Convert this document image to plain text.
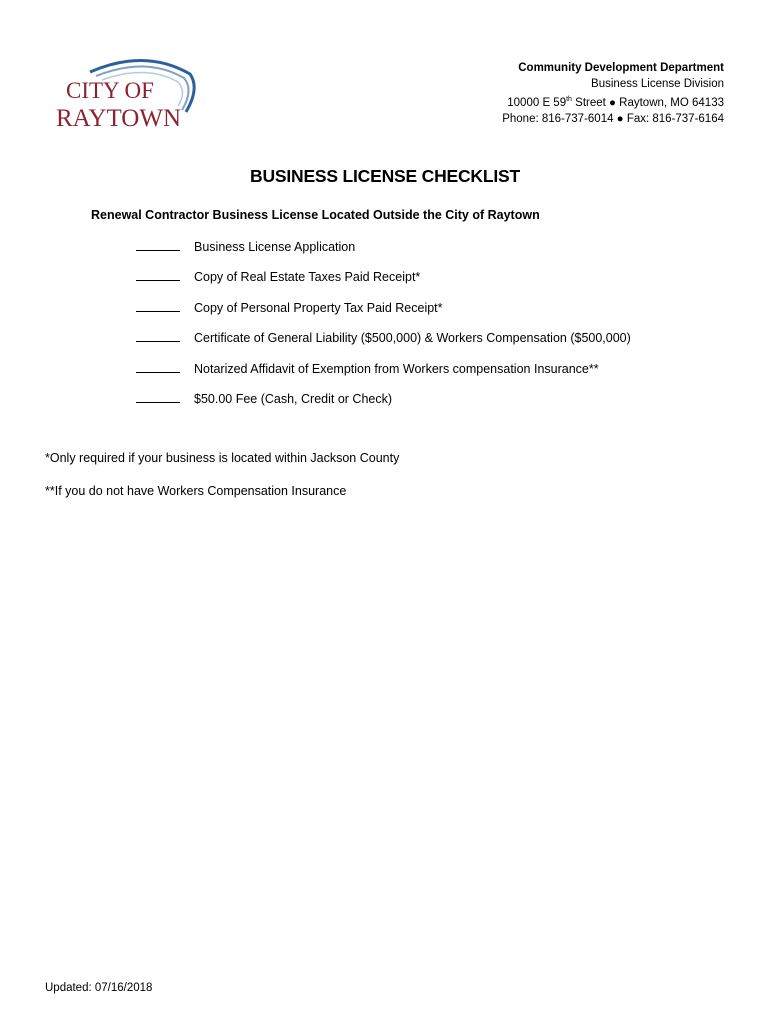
CITY OF
RAYTOWN
Community Development Department
Business License Division
10000 E 59th Street ● Raytown, MO 64133
Phone: 816-737-6014 ● Fax: 816-737-6164
BUSINESS LICENSE CHECKLIST
Renewal Contractor Business License Located Outside the City of Raytown
Business License Application
Copy of Real Estate Taxes Paid Receipt*
Copy of Personal Property Tax Paid Receipt*
Certificate of General Liability ($500,000) & Workers Compensation ($500,000)
Notarized Affidavit of Exemption from Workers compensation Insurance**
$50.00 Fee (Cash, Credit or Check)
*Only required if your business is located within Jackson County
**If you do not have Workers Compensation Insurance
Updated: 07/16/2018
